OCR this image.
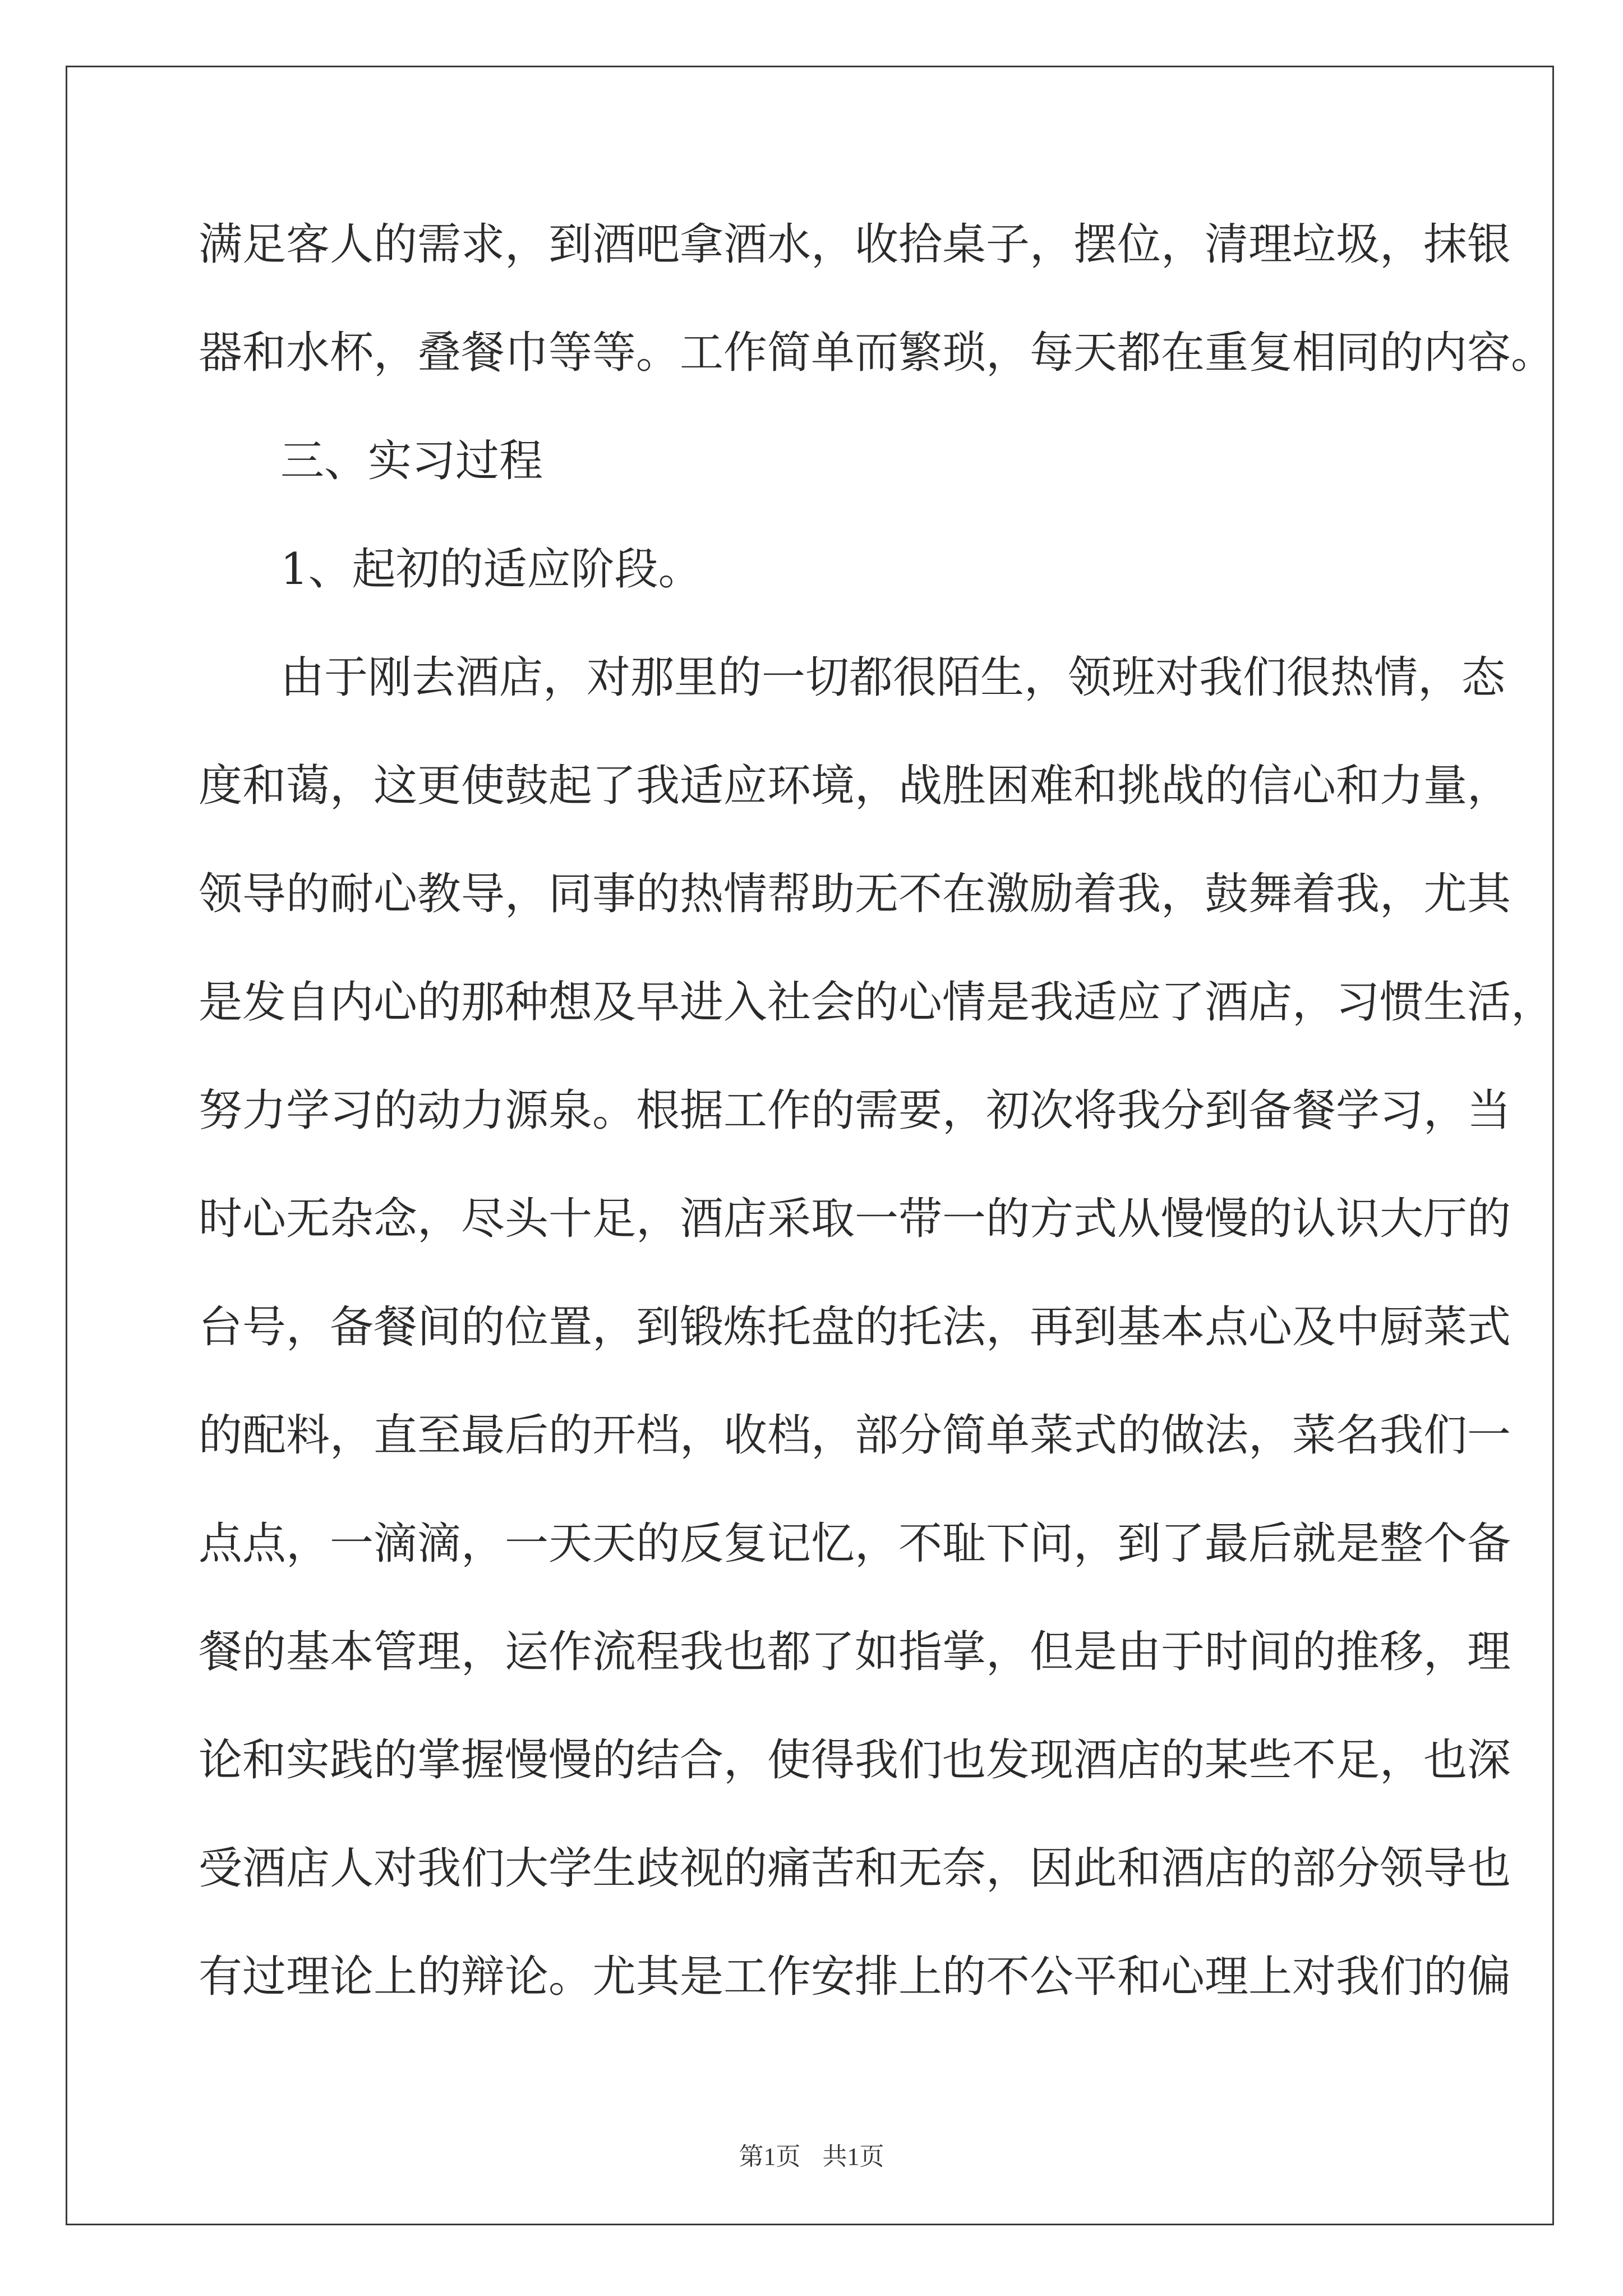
满足客人的需求，到酒吧拿酒水，收拾桌子，摆位，清理垃圾，抹银
器和水杯，叠餐巾等等。工作简单而繁琐，每天都在重复相同的内容。
三、实习过程
1、起初的适应阶段。
由于刚去酒店，对那里的一切都很陌生，领班对我们很热情，态
度和蔼，这更使鼓起了我适应环境，战胜困难和挑战的信心和力量，
领导的耐心教导，同事的热情帮助无不在激励着我，鼓舞着我，尤其
是发自内心的那种想及早进入社会的心情是我适应了酒店，习惯生活，
努力学习的动力源泉。根据工作的需要，初次将我分到备餐学习，当
时心无杂念，尽头十足，酒店采取一带一的方式从慢慢的认识大厅的
台号，备餐间的位置，到锻炼托盘的托法，再到基本点心及中厨菜式
的配料，直至最后的开档，收档，部分简单菜式的做法，菜名我们一
点点，一滴滴，一天天的反复记忆，不耻下问，到了最后就是整个备
餐的基本管理，运作流程我也都了如指掌，但是由于时间的推移，理
论和实践的掌握慢慢的结合，使得我们也发现酒店的某些不足，也深
受酒店人对我们大学生歧视的痛苦和无奈，因此和酒店的部分领导也
有过理论上的辩论。尤其是工作安排上的不公平和心理上对我们的偏
第1页 共1页
